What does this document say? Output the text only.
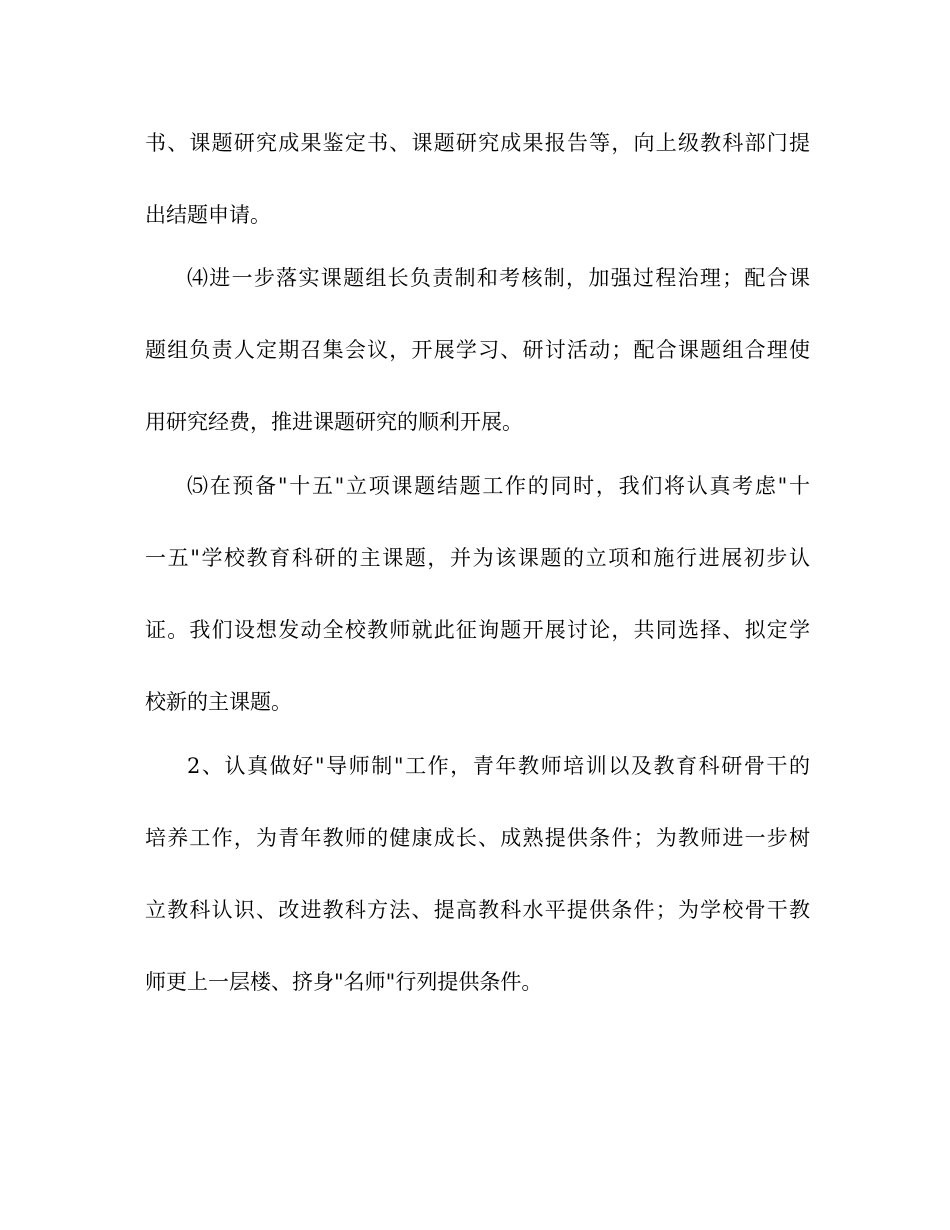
书、课题研究成果鉴定书、课题研究成果报告等，向上级教科部门提
出结题申请。
⑷进一步落实课题组长负责制和考核制，加强过程治理；配合课
题组负责人定期召集会议，开展学习、研讨活动；配合课题组合理使
用研究经费，推进课题研究的顺利开展。
⑸在预备"十五"立项课题结题工作的同时，我们将认真考虑"十
一五"学校教育科研的主课题，并为该课题的立项和施行进展初步认
证。我们设想发动全校教师就此征询题开展讨论，共同选择、拟定学
校新的主课题。
2、认真做好"导师制"工作，青年教师培训以及教育科研骨干的
培养工作，为青年教师的健康成长、成熟提供条件；为教师进一步树
立教科认识、改进教科方法、提高教科水平提供条件；为学校骨干教
师更上一层楼、挤身"名师"行列提供条件。
